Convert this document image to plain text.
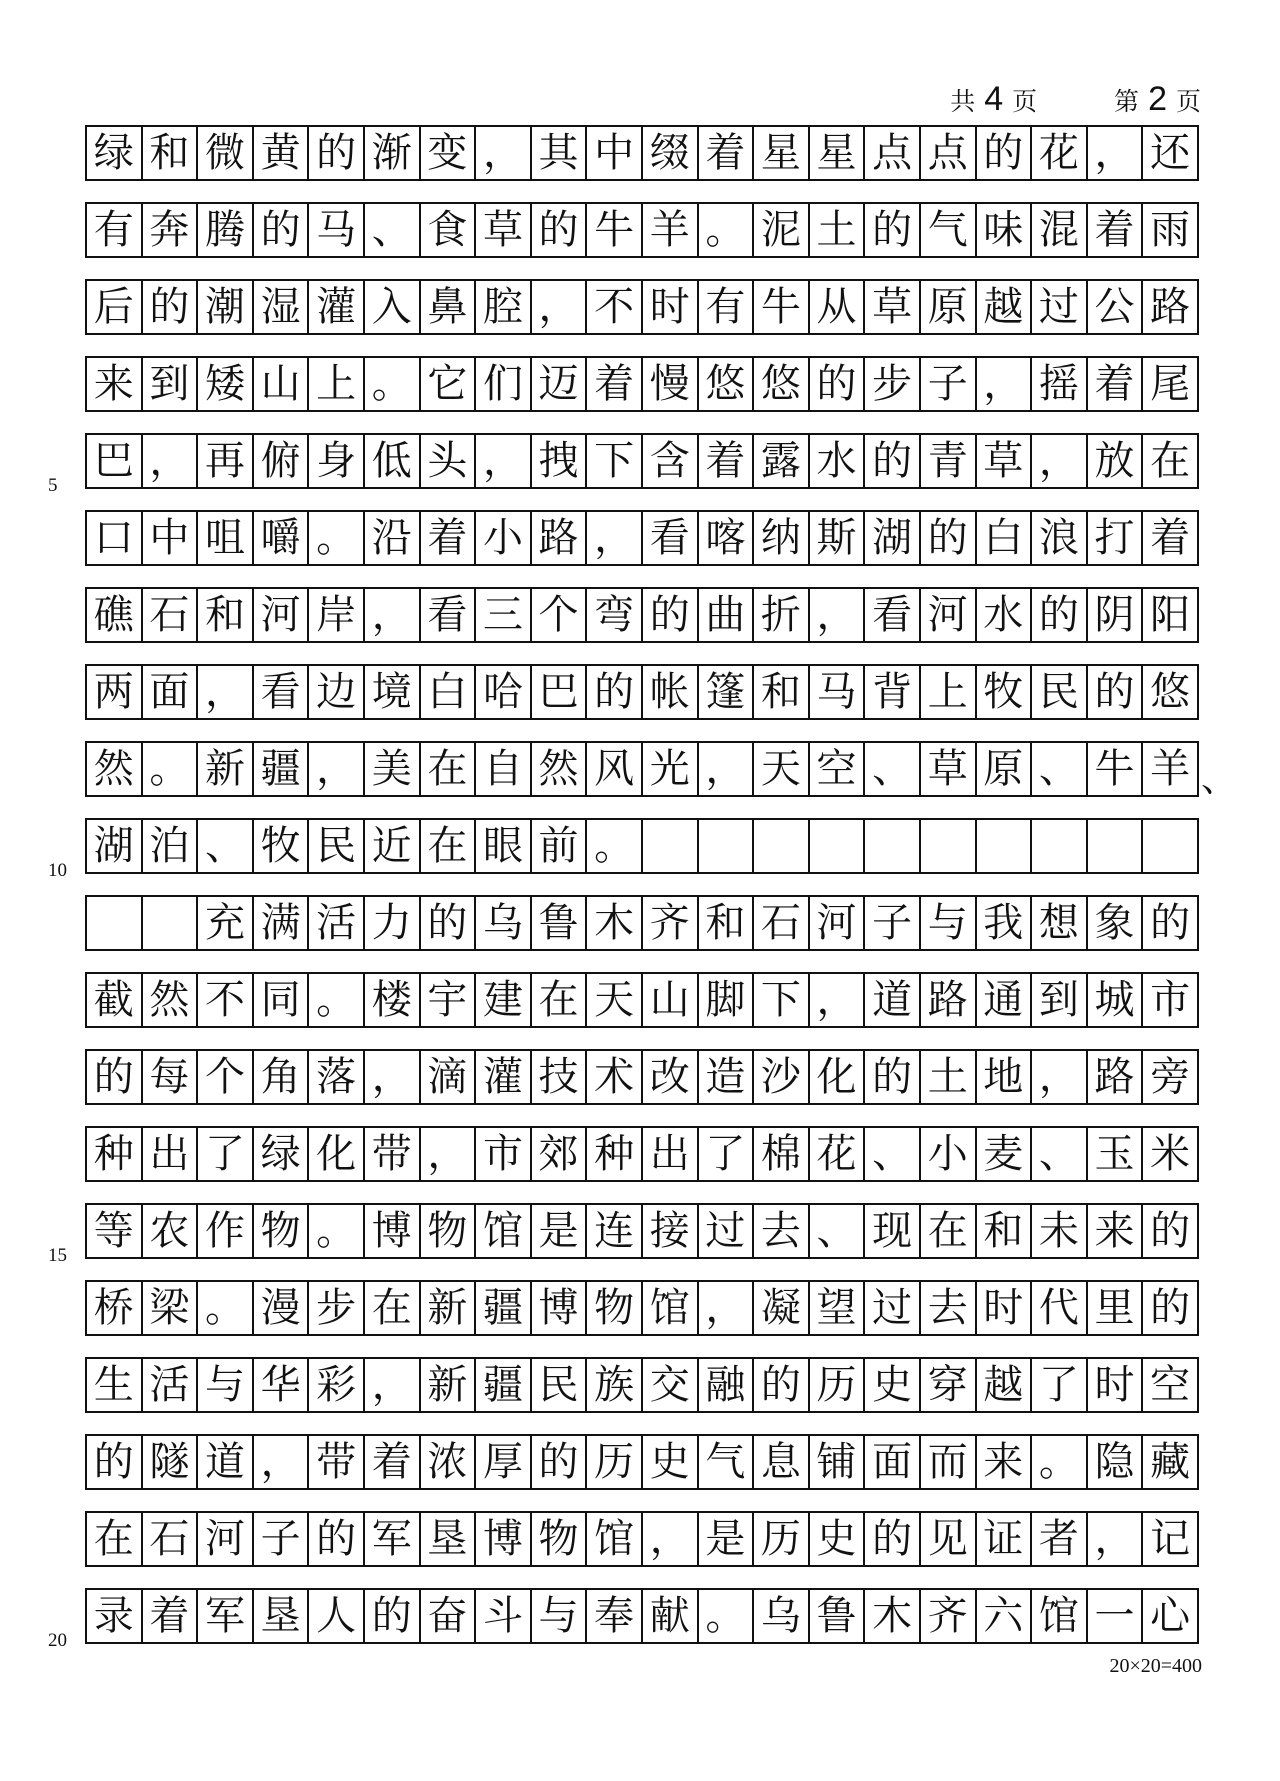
共 4 页	第 2 页
绿 和 微 黄 的 渐 变 ， 其 中 缀 着 星 星 点 点 的 花 ， 还
有 奔 腾 的 马 、 食 草 的 牛 羊 。 泥 土 的 气 味 混 着 雨
后 的 潮 湿 灌 入 鼻 腔 ， 不 时 有 牛 从 草 原 越 过 公 路
来 到 矮 山 上 。 它 们 迈 着 慢 悠 悠 的 步 子 ， 摇 着 尾
巴 ， 再 俯 身 低 头 ， 拽 下 含 着 露 水 的 青 草 ， 放 在
口 中 咀 嚼 。 沿 着 小 路 ， 看 喀 纳 斯 湖 的 白 浪 打 着
礁 石 和 河 岸 ， 看 三 个 弯 的 曲 折 ， 看 河 水 的 阴 阳
两 面 ， 看 边 境 白 哈 巴 的 帐 篷 和 马 背 上 牧 民 的 悠
然 。 新 疆 ， 美 在 自 然 风 光 ， 天 空 、 草 原 、 牛 羊
湖 泊 、 牧 民 近 在 眼 前 。
充 满 活 力 的 乌 鲁 木 齐 和 石 河 子 与 我 想 象 的
截 然 不 同 。 楼 宇 建 在 天 山 脚 下 ， 道 路 通 到 城 市
的 每 个 角 落 ， 滴 灌 技 术 改 造 沙 化 的 土 地 ， 路 旁
种 出 了 绿 化 带 ， 市 郊 种 出 了 棉 花 、 小 麦 、 玉 米
等 农 作 物 。 博 物 馆 是 连 接 过 去 、 现 在 和 未 来 的
桥 梁 。 漫 步 在 新 疆 博 物 馆 ， 凝 望 过 去 时 代 里 的
生 活 与 华 彩 ， 新 疆 民 族 交 融 的 历 史 穿 越 了 时 空
的 隧 道 ， 带 着 浓 厚 的 历 史 气 息 铺 面 而 来 。 隐 藏
在 石 河 子 的 军 垦 博 物 馆 ， 是 历 史 的 见 证 者 ， 记
录 着 军 垦 人 的 奋 斗 与 奉 献 。 乌 鲁 木 齐 六 馆 一 心
5
10
15
20
20×20=400
、
